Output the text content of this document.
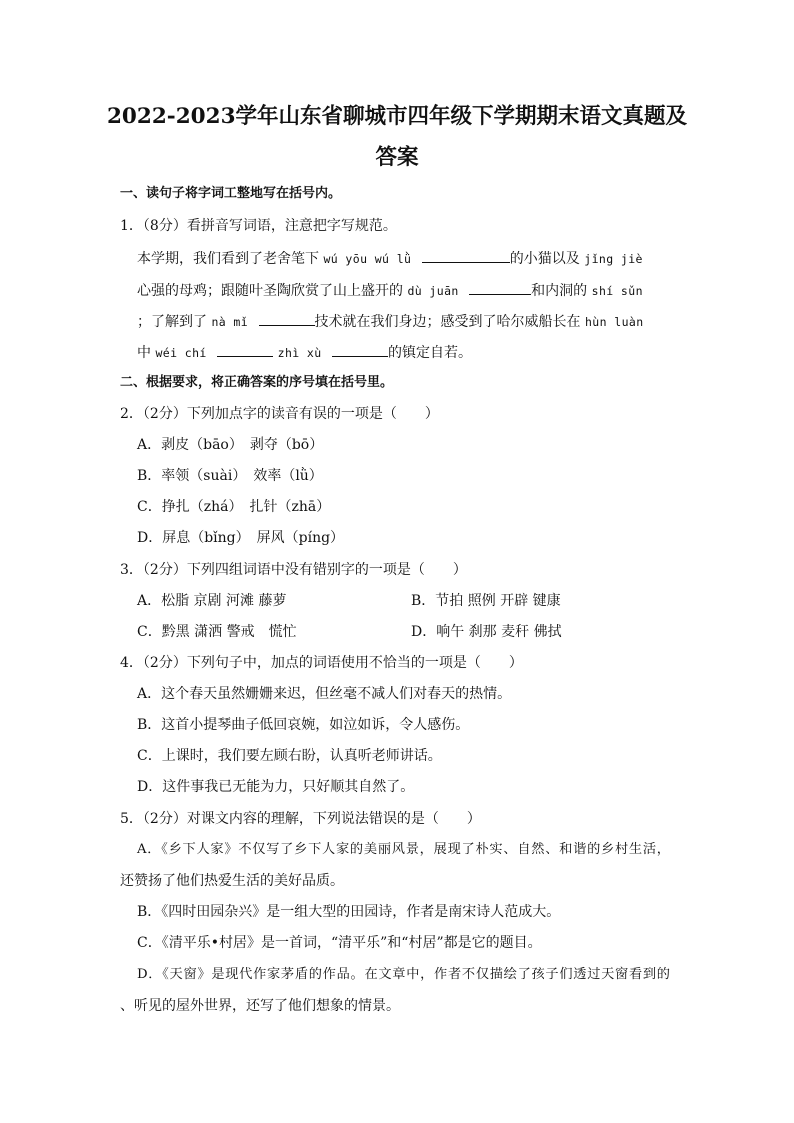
2022-2023学年山东省聊城市四年级下学期期末语文真题及
答案
一、读句子将字词工整地写在括号内。
1．（8分）看拼音写词语，注意把字写规范。
本学期，我们看到了老舍笔下 wú yōu wú lǜ	的小猫以及 jǐng jiè
心强的母鸡；跟随叶圣陶欣赏了山上盛开的 dù juān	和内洞的 shí sǔn
；了解到了 nà mǐ	技术就在我们身边；感受到了哈尔威船长在 hùn luàn
中 wéi chí	zhì xù	的镇定自若。
二、根据要求，将正确答案的序号填在括号里。
2．（2分）下列加点字的读音有误的一项是（　　）
A．剥皮（bāo）　剥夺（bō）
B．率领（suài）　效率（lǜ）
C．挣扎（zhá）　扎针（zhā）
D．屏息（bǐng）　屏风（píng）
3．（2分）下列四组词语中没有错别字的一项是（　　）
A．松脂 京剧 河滩 藤萝	B．节拍 照例 开辟 键康
C．黔黑 潇洒 警戒　慌忙	D．响午 刹那 麦秆 佛拭
4．（2分）下列句子中，加点的词语使用不恰当的一项是（　　）
A．这个春天虽然姗姗来迟，但丝毫不减人们对春天的热情。
B．这首小提琴曲子低回哀婉，如泣如诉，令人感伤。
C．上课时，我们要左顾右盼，认真听老师讲话。
D．这件事我已无能为力，只好顺其自然了。
5．（2分）对课文内容的理解，下列说法错误的是（　　）
A．《乡下人家》不仅写了乡下人家的美丽风景，展现了朴实、自然、和谐的乡村生活，
还赞扬了他们热爱生活的美好品质。
B．《四时田园杂兴》是一组大型的田园诗，作者是南宋诗人范成大。
C．《清平乐•村居》是一首词，“清平乐”和“村居”都是它的题目。
D．《天窗》是现代作家茅盾的作品。在文章中，作者不仅描绘了孩子们透过天窗看到的
、听见的屋外世界，还写了他们想象的情景。
